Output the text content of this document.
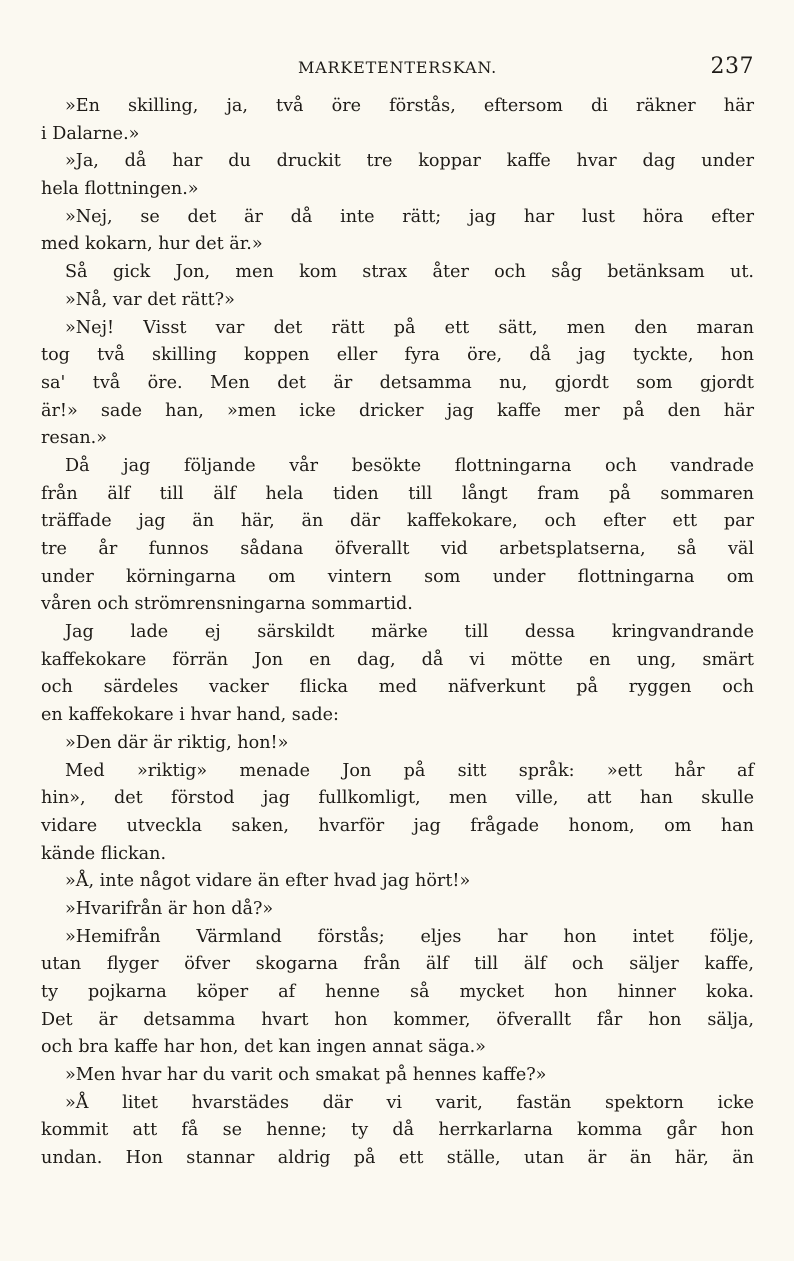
MARKETENTERSKAN.	237
»En skilling, ja, två öre förstås, eftersom di räkner här
i Dalarne.»
»Ja, då har du druckit tre koppar kaffe hvar dag under
hela flottningen.»
»Nej, se det är då inte rätt; jag har lust höra efter
med kokarn, hur det är.»
Så gick Jon, men kom strax åter och såg betänksam ut.
»Nå, var det rätt?»
»Nej! Visst var det rätt på ett sätt, men den maran
tog två skilling koppen eller fyra öre, då jag tyckte, hon
sa' två öre. Men det är detsamma nu, gjordt som gjordt
är!» sade han, »men icke dricker jag kaffe mer på den här
resan.»
Då jag följande vår besökte flottningarna och vandrade
från älf till älf hela tiden till långt fram på sommaren
träffade jag än här, än där kaffekokare, och efter ett par
tre år funnos sådana öfverallt vid arbetsplatserna, så väl
under körningarna om vintern som under flottningarna om
våren och strömrensningarna sommartid.
Jag lade ej särskildt märke till dessa kringvandrande
kaffekokare förrän Jon en dag, då vi mötte en ung, smärt
och särdeles vacker flicka med näfverkunt på ryggen och
en kaffekokare i hvar hand, sade:
»Den där är riktig, hon!»
Med »riktig» menade Jon på sitt språk: »ett hår af
hin», det förstod jag fullkomligt, men ville, att han skulle
vidare utveckla saken, hvarför jag frågade honom, om han
kände flickan.
»Å, inte något vidare än efter hvad jag hört!»
»Hvarifrån är hon då?»
»Hemifrån Värmland förstås; eljes har hon intet följe,
utan flyger öfver skogarna från älf till älf och säljer kaffe,
ty pojkarna köper af henne så mycket hon hinner koka.
Det är detsamma hvart hon kommer, öfverallt får hon sälja,
och bra kaffe har hon, det kan ingen annat säga.»
»Men hvar har du varit och smakat på hennes kaffe?»
»Å litet hvarstädes där vi varit, fastän spektorn icke
kommit att få se henne; ty då herrkarlarna komma går hon
undan. Hon stannar aldrig på ett ställe, utan är än här, än
